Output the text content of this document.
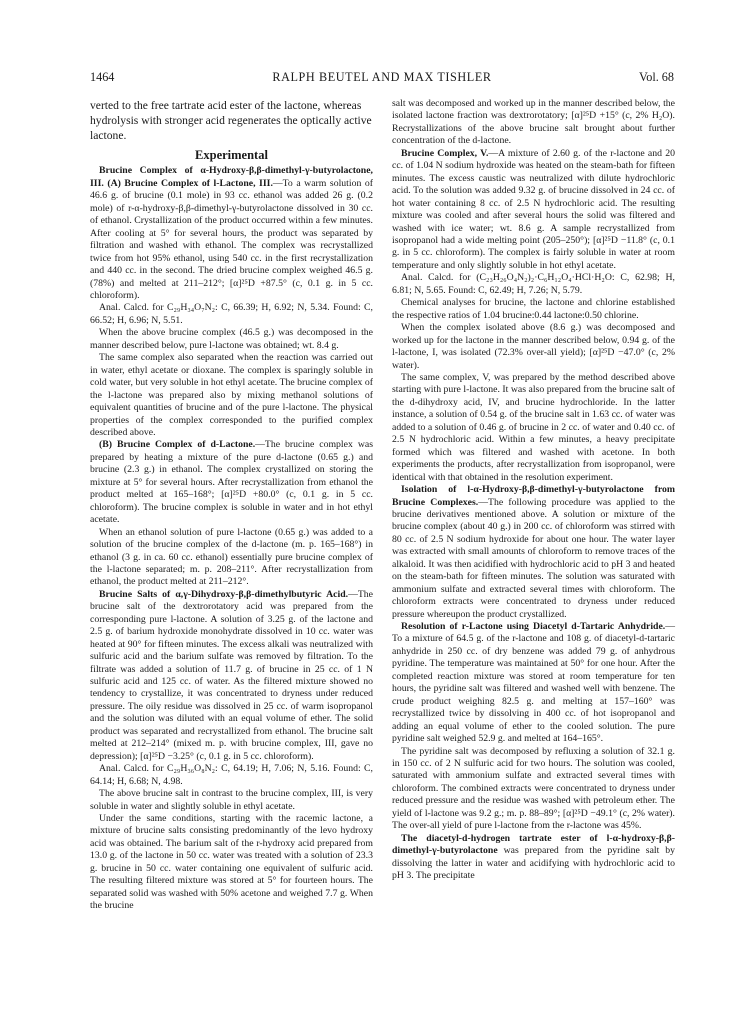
1464	RALPH BEUTEL AND MAX TISHLER	Vol. 68

verted to the free tartrate acid ester of the lactone, whereas hydrolysis with stronger acid regenerates the optically active lactone.

Experimental

Brucine Complex of α-Hydroxy-β,β-dimethyl-γ-butyrolactone, III. (A) Brucine Complex of l-Lactone, III.—To a warm solution of 46.6 g. of brucine (0.1 mole) in 93 cc. ethanol was added 26 g. (0.2 mole) of r-α-hydroxy-β,β-dimethyl-γ-butyrolactone dissolved in 30 cc. of ethanol. Crystallization of the product occurred within a few minutes. After cooling at 5° for several hours, the product was separated by filtration and washed with ethanol. The complex was recrystallized twice from hot 95% ethanol, using 540 cc. in the first recrystallization and 440 cc. in the second. The dried brucine complex weighed 46.5 g. (78%) and melted at 211–212°; [α]²⁵D +87.5° (c, 0.1 g. in 5 cc. chloroform).

Anal. Calcd. for C₂₉H₃₄O₇N₂: C, 66.39; H, 6.92; N, 5.34. Found: C, 66.52; H, 6.96; N, 5.51.

When the above brucine complex (46.5 g.) was decomposed in the manner described below, pure l-lactone was obtained; wt. 8.4 g.

The same complex also separated when the reaction was carried out in water, ethyl acetate or dioxane. The complex is sparingly soluble in cold water, but very soluble in hot ethyl acetate. The brucine complex of the l-lactone was prepared also by mixing methanol solutions of equivalent quantities of brucine and of the pure l-lactone. The physical properties of the complex corresponded to the purified complex described above.

(B) Brucine Complex of d-Lactone.—The brucine complex was prepared by heating a mixture of the pure d-lactone (0.65 g.) and brucine (2.3 g.) in ethanol. The complex crystallized on storing the mixture at 5° for several hours. After recrystallization from ethanol the product melted at 165–168°; [α]²⁵D +80.0° (c, 0.1 g. in 5 cc. chloroform). The brucine complex is soluble in water and in hot ethyl acetate.

When an ethanol solution of pure l-lactone (0.65 g.) was added to a solution of the brucine complex of the d-lactone (m. p. 165–168°) in ethanol (3 g. in ca. 60 cc. ethanol) essentially pure brucine complex of the l-lactone separated; m. p. 208–211°. After recrystallization from ethanol, the product melted at 211–212°.

Brucine Salts of α,γ-Dihydroxy-β,β-dimethylbutyric Acid.—The brucine salt of the dextrorotatory acid was prepared from the corresponding pure l-lactone. A solution of 3.25 g. of the lactone and 2.5 g. of barium hydroxide monohydrate dissolved in 10 cc. water was heated at 90° for fifteen minutes. The excess alkali was neutralized with sulfuric acid and the barium sulfate was removed by filtration. To the filtrate was added a solution of 11.7 g. of brucine in 25 cc. of 1 N sulfuric acid and 125 cc. of water. As the filtered mixture showed no tendency to crystallize, it was concentrated to dryness under reduced pressure. The oily residue was dissolved in 25 cc. of warm isopropanol and the solution was diluted with an equal volume of ether. The solid product was separated and recrystallized from ethanol. The brucine salt melted at 212–214° (mixed m. p. with brucine complex, III, gave no depression); [α]²⁵D −3.25° (c, 0.1 g. in 5 cc. chloroform).

Anal. Calcd. for C₂₉H₃₆O₈N₂: C, 64.19; H, 7.06; N, 5.16. Found: C, 64.14; H, 6.68; N, 4.98.

The above brucine salt in contrast to the brucine complex, III, is very soluble in water and slightly soluble in ethyl acetate.

Under the same conditions, starting with the racemic lactone, a mixture of brucine salts consisting predominantly of the levo hydroxy acid was obtained. The barium salt of the r-hydroxy acid prepared from 13.0 g. of the lactone in 50 cc. water was treated with a solution of 23.3 g. brucine in 50 cc. water containing one equivalent of sulfuric acid. The resulting filtered mixture was stored at 5° for fourteen hours. The separated solid was washed with 50% acetone and weighed 7.7 g. When the brucine

salt was decomposed and worked up in the manner described below, the isolated lactone fraction was dextrorotatory; [α]²⁵D +15° (c, 2% H₂O). Recrystallizations of the above brucine salt brought about further concentration of the d-lactone.

Brucine Complex, V.—A mixture of 2.60 g. of the r-lactone and 20 cc. of 1.04 N sodium hydroxide was heated on the steam-bath for fifteen minutes. The excess caustic was neutralized with dilute hydrochloric acid. To the solution was added 9.32 g. of brucine dissolved in 24 cc. of hot water containing 8 cc. of 2.5 N hydrochloric acid. The resulting mixture was cooled and after several hours the solid was filtered and washed with ice water; wt. 8.6 g. A sample recrystallized from isopropanol had a wide melting point (205–250°); [α]²⁵D −11.8° (c, 0.1 g. in 5 cc. chloroform). The complex is fairly soluble in water at room temperature and only slightly soluble in hot ethyl acetate.

Anal. Calcd. for (C₂₃H₂₆O₄N₂)₂·C₆H₁₂O₄·HCl·H₂O: C, 62.98; H, 6.81; N, 5.65. Found: C, 62.49; H, 7.26; N, 5.79.

Chemical analyses for brucine, the lactone and chlorine established the respective ratios of 1.04 brucine:0.44 lactone:0.50 chlorine.

When the complex isolated above (8.6 g.) was decomposed and worked up for the lactone in the manner described below, 0.94 g. of the l-lactone, I, was isolated (72.3% over-all yield); [α]²⁵D −47.0° (c, 2% water).

The same complex, V, was prepared by the method described above starting with pure l-lactone. It was also prepared from the brucine salt of the d-dihydroxy acid, IV, and brucine hydrochloride. In the latter instance, a solution of 0.54 g. of the brucine salt in 1.63 cc. of water was added to a solution of 0.46 g. of brucine in 2 cc. of water and 0.40 cc. of 2.5 N hydrochloric acid. Within a few minutes, a heavy precipitate formed which was filtered and washed with acetone. In both experiments the products, after recrystallization from isopropanol, were identical with that obtained in the resolution experiment.

Isolation of l-α-Hydroxy-β,β-dimethyl-γ-butyrolactone from Brucine Complexes.—The following procedure was applied to the brucine derivatives mentioned above. A solution or mixture of the brucine complex (about 40 g.) in 200 cc. of chloroform was stirred with 80 cc. of 2.5 N sodium hydroxide for about one hour. The water layer was extracted with small amounts of chloroform to remove traces of the alkaloid. It was then acidified with hydrochloric acid to pH 3 and heated on the steam-bath for fifteen minutes. The solution was saturated with ammonium sulfate and extracted several times with chloroform. The chloroform extracts were concentrated to dryness under reduced pressure whereupon the product crystallized.

Resolution of r-Lactone using Diacetyl d-Tartaric Anhydride.—To a mixture of 64.5 g. of the r-lactone and 108 g. of diacetyl-d-tartaric anhydride in 250 cc. of dry benzene was added 79 g. of anhydrous pyridine. The temperature was maintained at 50° for one hour. After the completed reaction mixture was stored at room temperature for ten hours, the pyridine salt was filtered and washed well with benzene. The crude product weighing 82.5 g. and melting at 157–160° was recrystallized twice by dissolving in 400 cc. of hot isopropanol and adding an equal volume of ether to the cooled solution. The pure pyridine salt weighed 52.9 g. and melted at 164–165°.

The pyridine salt was decomposed by refluxing a solution of 32.1 g. in 150 cc. of 2 N sulfuric acid for two hours. The solution was cooled, saturated with ammonium sulfate and extracted several times with chloroform. The combined extracts were concentrated to dryness under reduced pressure and the residue was washed with petroleum ether. The yield of l-lactone was 9.2 g.; m. p. 88–89°; [α]²⁵D −49.1° (c, 2% water). The over-all yield of pure l-lactone from the r-lactone was 45%.

The diacetyl-d-hydrogen tartrate ester of l-α-hydroxy-β,β-dimethyl-γ-butyrolactone was prepared from the pyridine salt by dissolving the latter in water and acidifying with hydrochloric acid to pH 3. The precipitate
